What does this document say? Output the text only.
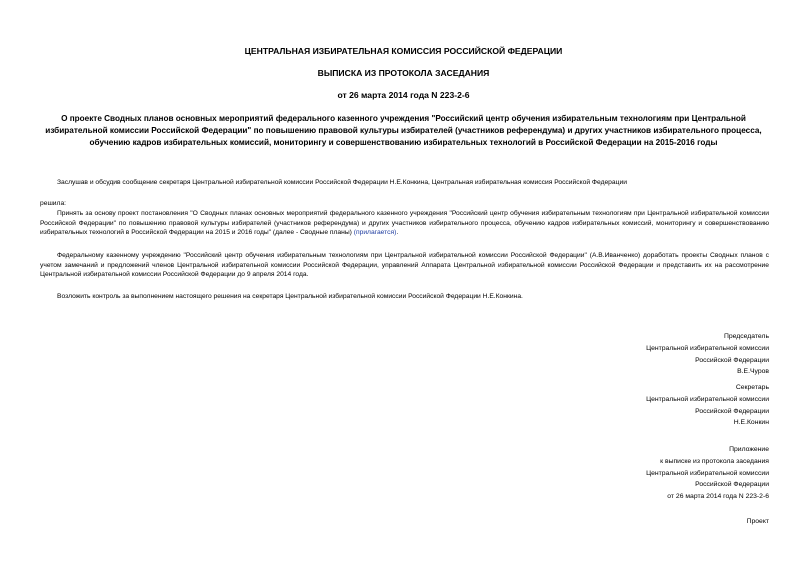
ЦЕНТРАЛЬНАЯ ИЗБИРАТЕЛЬНАЯ КОМИССИЯ РОССИЙСКОЙ ФЕДЕРАЦИИ
ВЫПИСКА ИЗ ПРОТОКОЛА ЗАСЕДАНИЯ
от 26 марта 2014 года N 223-2-6
О проекте Сводных планов основных мероприятий федерального казенного учреждения "Российский центр обучения избирательным технологиям при Центральной избирательной комиссии Российской Федерации" по повышению правовой культуры избирателей (участников референдума) и других участников избирательного процесса, обучению кадров избирательных комиссий, мониторингу и совершенствованию избирательных технологий в Российской Федерации на 2015-2016 годы
Заслушав и обсудив сообщение секретаря Центральной избирательной комиссии Российской Федерации Н.Е.Конкина, Центральная избирательная комиссия Российской Федерации
решила:
Принять за основу проект постановления "О Сводных планах основных мероприятий федерального казенного учреждения "Российский центр обучения избирательным технологиям при Центральной избирательной комиссии Российской Федерации" по повышению правовой культуры избирателей (участников референдума) и других участников избирательного процесса, обучению кадров избирательных комиссий, мониторингу и совершенствованию избирательных технологий в Российской Федерации на 2015 и 2016 годы" (далее - Сводные планы) (прилагается).
Федеральному казенному учреждению "Российский центр обучения избирательным технологиям при Центральной избирательной комиссии Российской Федерации" (А.В.Иванченко) доработать проекты Сводных планов с учетом замечаний и предложений членов Центральной избирательной комиссии Российской Федерации, управлений Аппарата Центральной избирательной комиссии Российской Федерации и представить их на рассмотрение Центральной избирательной комиссии Российской Федерации до 9 апреля 2014 года.
Возложить контроль за выполнением настоящего решения на секретаря Центральной избирательной комиссии Российской Федерации Н.Е.Конкина.
Председатель
Центральной избирательной комиссии
Российской Федерации
В.Е.Чуров
Секретарь
Центральной избирательной комиссии
Российской Федерации
Н.Е.Конкин
Приложение
к выписке из протокола заседания
Центральной избирательной комиссии
Российской Федерации
от 26 марта 2014 года N 223-2-6
Проект
